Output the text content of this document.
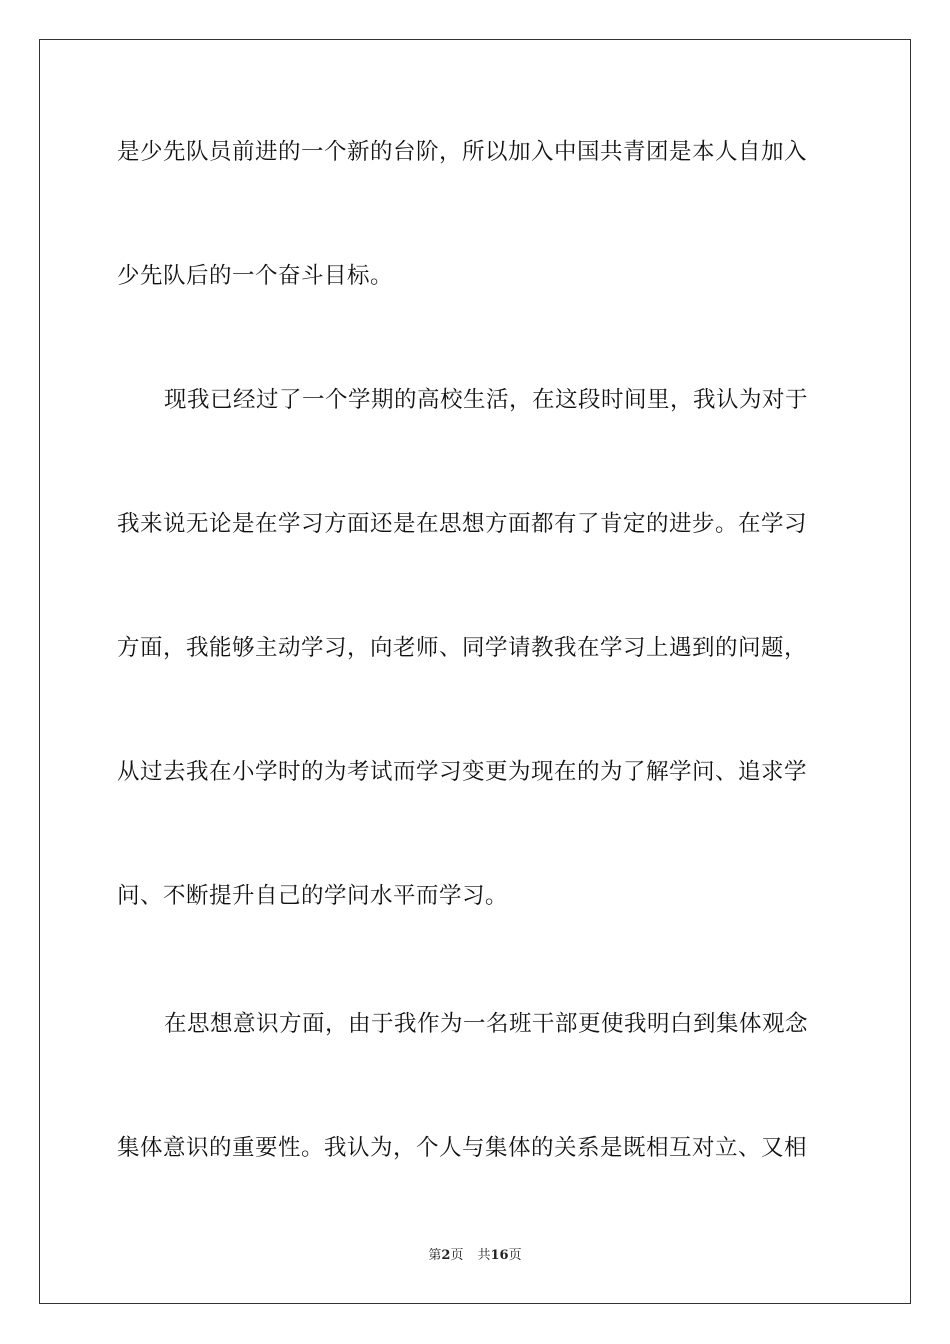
是少先队员前进的一个新的台阶，所以加入中国共青团是本人自加入
少先队后的一个奋斗目标。
现我已经过了一个学期的高校生活，在这段时间里，我认为对于
我来说无论是在学习方面还是在思想方面都有了肯定的进步。在学习
方面，我能够主动学习，向老师、同学请教我在学习上遇到的问题，
从过去我在小学时的为考试而学习变更为现在的为了解学问、追求学
问、不断提升自己的学问水平而学习。
在思想意识方面，由于我作为一名班干部更使我明白到集体观念
集体意识的重要性。我认为，个人与集体的关系是既相互对立、又相
第2页 共16页
